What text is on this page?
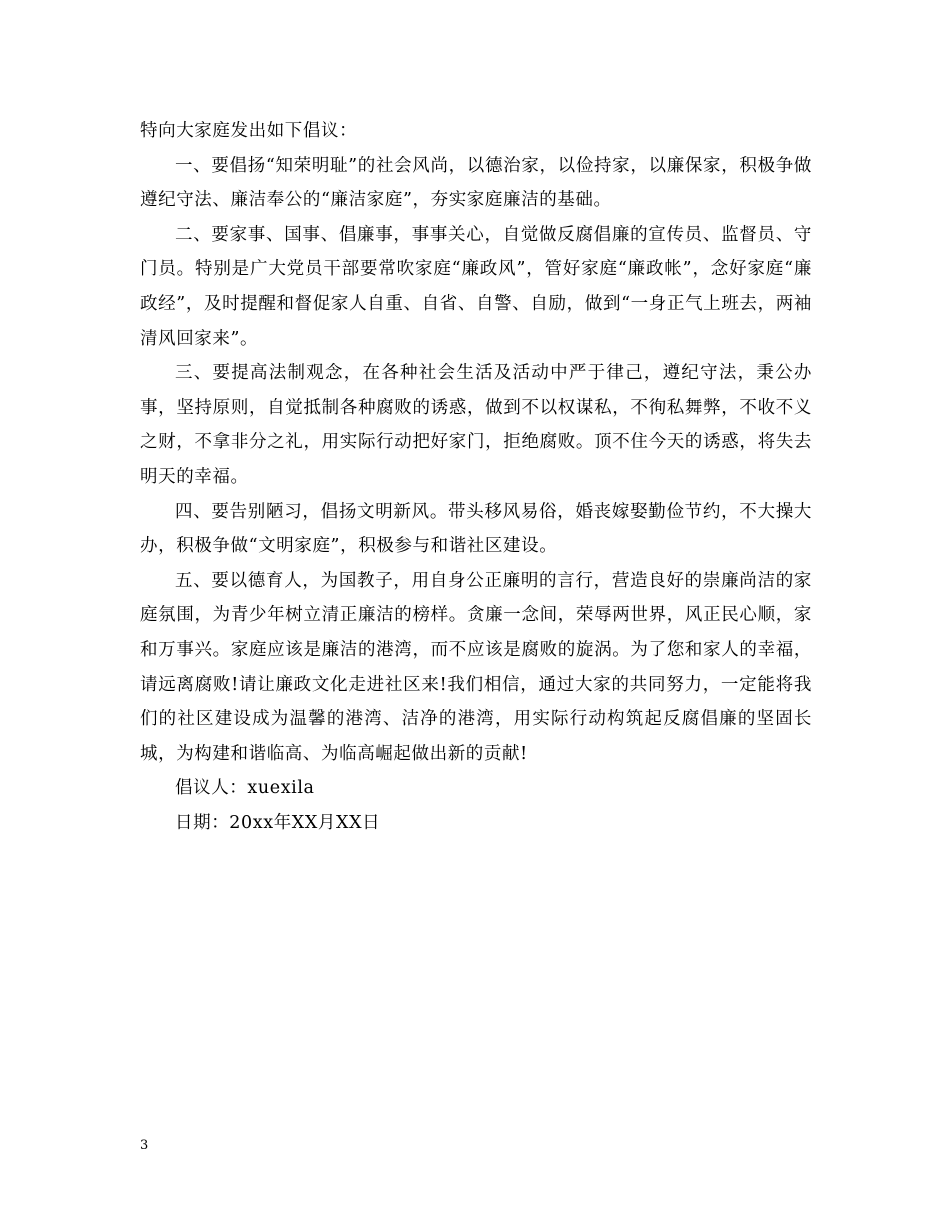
特向大家庭发出如下倡议：

一、要倡扬“知荣明耻”的社会风尚，以德治家，以俭持家，以廉保家，积极争做遵纪守法、廉洁奉公的“廉洁家庭”，夯实家庭廉洁的基础。

二、要家事、国事、倡廉事，事事关心，自觉做反腐倡廉的宣传员、监督员、守门员。特别是广大党员干部要常吹家庭“廉政风”，管好家庭“廉政帐”，念好家庭“廉政经”，及时提醒和督促家人自重、自省、自警、自励，做到“一身正气上班去，两袖清风回家来”。

三、要提高法制观念，在各种社会生活及活动中严于律己，遵纪守法，秉公办事，坚持原则，自觉抵制各种腐败的诱惑，做到不以权谋私，不徇私舞弊，不收不义之财，不拿非分之礼，用实际行动把好家门，拒绝腐败。顶不住今天的诱惑，将失去明天的幸福。

四、要告别陋习，倡扬文明新风。带头移风易俗，婚丧嫁娶勤俭节约，不大操大办，积极争做“文明家庭”，积极参与和谐社区建设。

五、要以德育人，为国教子，用自身公正廉明的言行，营造良好的崇廉尚洁的家庭氛围，为青少年树立清正廉洁的榜样。贪廉一念间，荣辱两世界，风正民心顺，家和万事兴。家庭应该是廉洁的港湾，而不应该是腐败的旋涡。为了您和家人的幸福，请远离腐败!请让廉政文化走进社区来!我们相信，通过大家的共同努力，一定能将我们的社区建设成为温馨的港湾、洁净的港湾，用实际行动构筑起反腐倡廉的坚固长城，为构建和谐临高、为临高崛起做出新的贡献!

倡议人：xuexila

日期：20xx年XX月XX日

3
